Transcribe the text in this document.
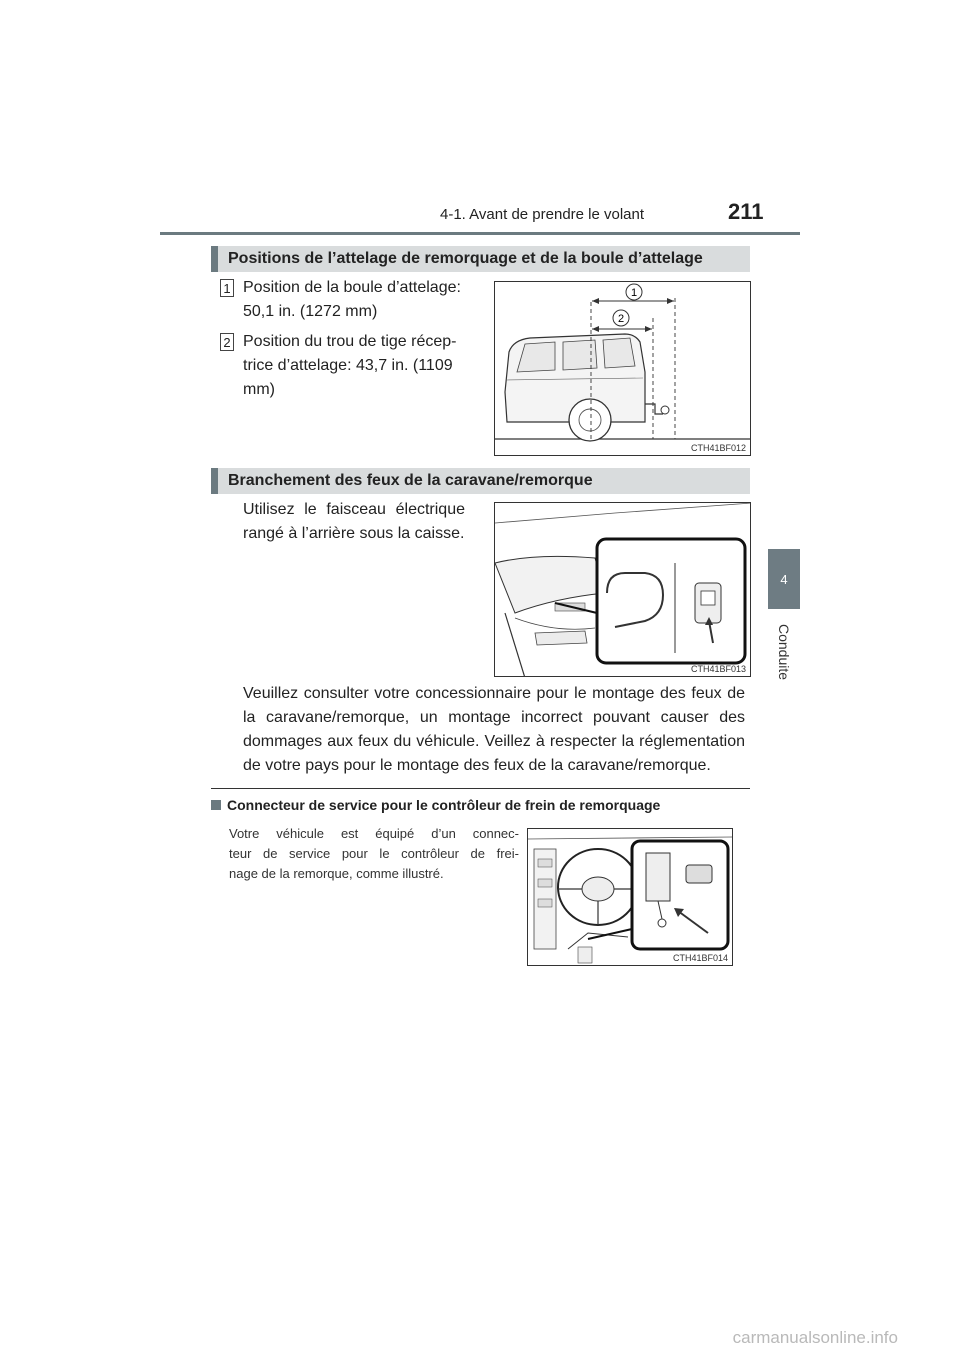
4-1. Avant de prendre le volant	211
4
Conduite
Positions de l’attelage de remorquage et de la boule d’attelage
1 Position de la boule d’attelage:
50,1 in. (1272 mm)
2 Position du trou de tige récep-
trice d’attelage: 43,7 in. (1109
mm)
1
2
CTH41BF012
Branchement des feux de la caravane/remorque
Utilisez le faisceau électrique
rangé à l’arrière sous la caisse.
CTH41BF013
Veuillez consulter votre concessionnaire pour le montage des feux de
la caravane/remorque, un montage incorrect pouvant causer des
dommages aux feux du véhicule. Veillez à respecter la réglementation
de votre pays pour le montage des feux de la caravane/remorque.
Connecteur de service pour le contrôleur de frein de remorquage
Votre véhicule est équipé d’un connec-
teur de service pour le contrôleur de frei-
nage de la remorque, comme illustré.
CTH41BF014
carmanualsonline.info
